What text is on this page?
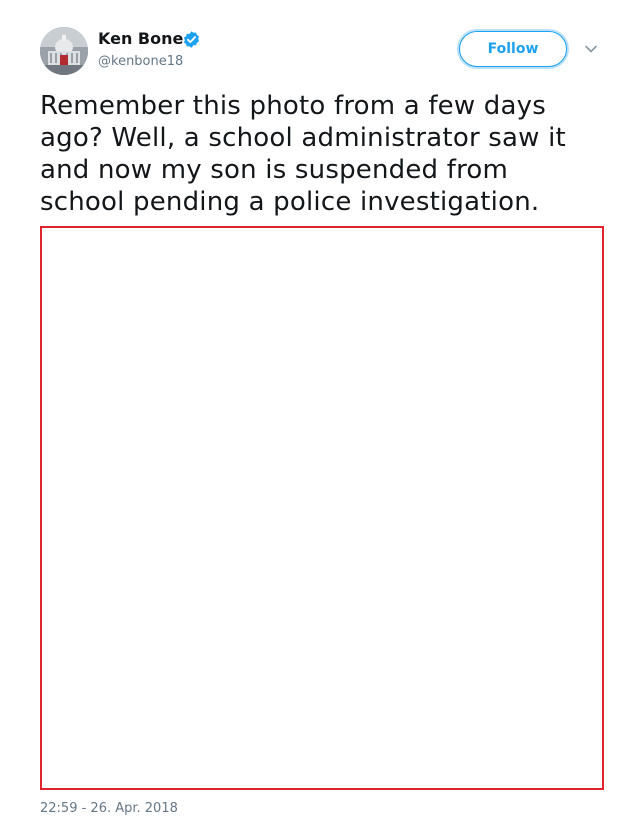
Ken Bone
@kenbone18
Follow
Remember this photo from a few days ago? Well, a school administrator saw it and now my son is suspended from school pending a police investigation.
22:59 - 26. Apr. 2018
